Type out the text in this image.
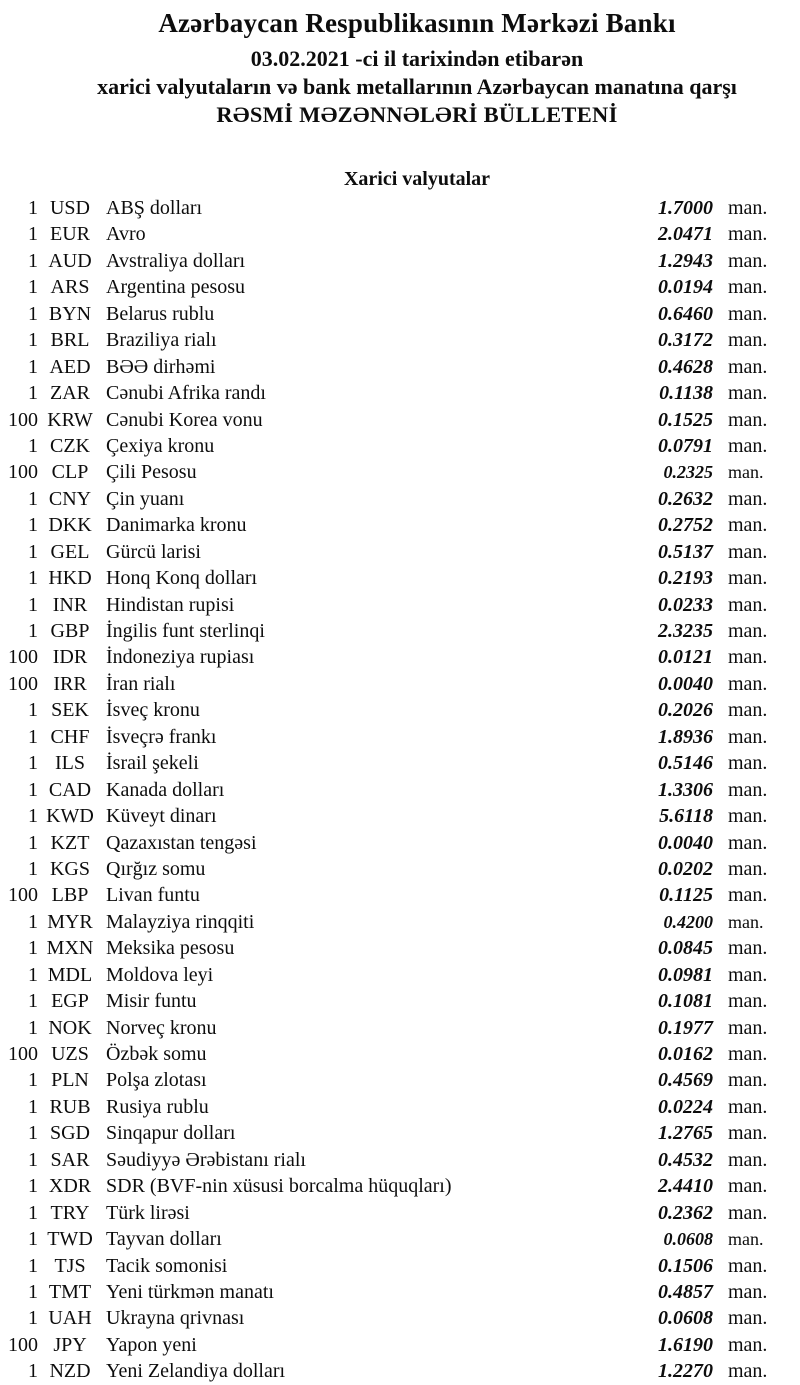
Azərbaycan Respublikasının Mərkəzi Bankı
03.02.2021 -ci il tarixindən etibarən
xarici valyutaların və bank metallarının Azərbaycan manatına qarşı
RƏSMİ MƏZƏNNƏLƏRİ BÜLLETENİ
Xarici valyutalar
1 USD ABŞ dolları	1.7000 man.
1 EUR Avro	2.0471 man.
1 AUD Avstraliya dolları	1.2943 man.
1 ARS Argentina pesosu	0.0194 man.
1 BYN Belarus rublu	0.6460 man.
1 BRL Braziliya rialı	0.3172 man.
1 AED BƏƏ dirhəmi	0.4628 man.
1 ZAR Cənubi Afrika randı	0.1138 man.
100 KRW Cənubi Korea vonu	0.1525 man.
1 CZK Çexiya kronu	0.0791 man.
100 CLP Çili Pesosu	0.2325 man.
1 CNY Çin yuanı	0.2632 man.
1 DKK Danimarka kronu	0.2752 man.
1 GEL Gürcü larisi	0.5137 man.
1 HKD Honq Konq dolları	0.2193 man.
1 INR Hindistan rupisi	0.0233 man.
1 GBP İngilis funt sterlinqi	2.3235 man.
100 IDR İndoneziya rupiası	0.0121 man.
100 IRR İran rialı	0.0040 man.
1 SEK İsveç kronu	0.2026 man.
1 CHF İsveçrə frankı	1.8936 man.
1 ILS	İsrail şekeli	0.5146 man.
1 CAD Kanada dolları	1.3306 man.
1 KWD Küveyt dinarı	5.6118 man.
1 KZT Qazaxıstan tengəsi	0.0040 man.
1 KGS Qırğız somu	0.0202 man.
100 LBP Livan funtu	0.1125 man.
1 MYR Malayziya rinqqiti	0.4200 man.
1 MXN Meksika pesosu	0.0845 man.
1 MDL Moldova leyi	0.0981 man.
1 EGP Misir funtu	0.1081 man.
1 NOK Norveç kronu	0.1977 man.
100 UZS Özbək somu	0.0162 man.
1 PLN Polşa zlotası	0.4569 man.
1 RUB Rusiya rublu	0.0224 man.
1 SGD Sinqapur dolları	1.2765 man.
1 SAR Səudiyyə Ərəbistanı rialı	0.4532 man.
1 XDR SDR (BVF-nin xüsusi borcalma hüquqları)	2.4410 man.
1 TRY Türk lirəsi	0.2362 man.
1 TWD Tayvan dolları	0.0608 man.
1 TJS	Tacik somonisi	0.1506 man.
1 TMT Yeni türkmən manatı	0.4857 man.
1 UAH Ukrayna qrivnası	0.0608 man.
100 JPY Yapon yeni	1.6190 man.
1 NZD Yeni Zelandiya dolları	1.2270 man.
